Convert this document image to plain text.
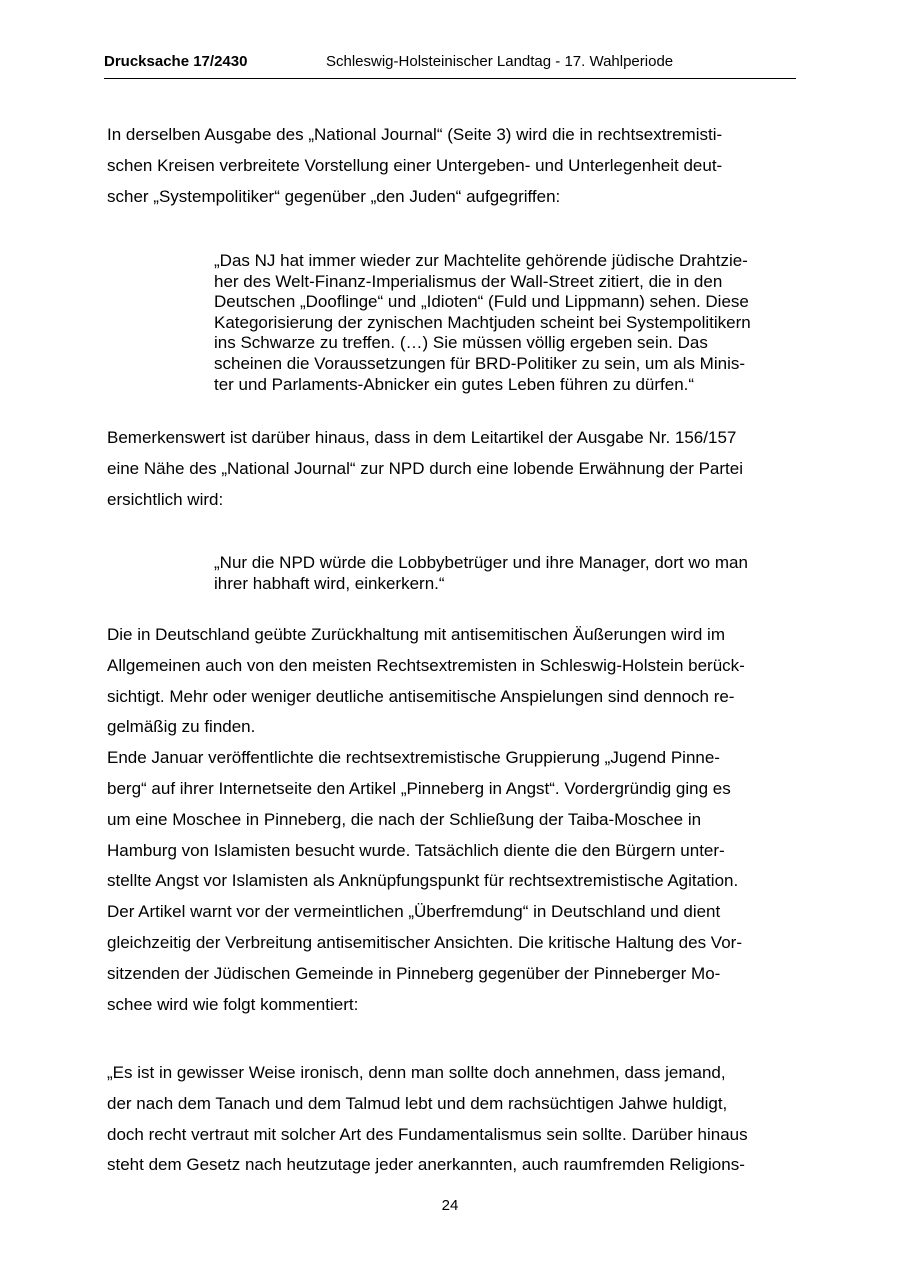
Drucksache 17/2430	Schleswig-Holsteinischer Landtag - 17. Wahlperiode
In derselben Ausgabe des „National Journal“ (Seite 3) wird die in rechtsextremisti-
schen Kreisen verbreitete Vorstellung einer Untergeben- und Unterlegenheit deut-
scher „Systempolitiker“ gegenüber „den Juden“ aufgegriffen:
„Das NJ hat immer wieder zur Machtelite gehörende jüdische Drahtzie-
her des Welt-Finanz-Imperialismus der Wall-Street zitiert, die in den
Deutschen „Dooflinge“ und „Idioten“ (Fuld und Lippmann) sehen. Diese
Kategorisierung der zynischen Machtjuden scheint bei Systempolitikern
ins Schwarze zu treffen. (…) Sie müssen völlig ergeben sein. Das
scheinen die Voraussetzungen für BRD-Politiker zu sein, um als Minis-
ter und Parlaments-Abnicker ein gutes Leben führen zu dürfen.“
Bemerkenswert ist darüber hinaus, dass in dem Leitartikel der Ausgabe Nr. 156/157
eine Nähe des „National Journal“ zur NPD durch eine lobende Erwähnung der Partei
ersichtlich wird:
„Nur die NPD würde die Lobbybetrüger und ihre Manager, dort wo man
ihrer habhaft wird, einkerkern.“
Die in Deutschland geübte Zurückhaltung mit antisemitischen Äußerungen wird im
Allgemeinen auch von den meisten Rechtsextremisten in Schleswig-Holstein berück-
sichtigt. Mehr oder weniger deutliche antisemitische Anspielungen sind dennoch re-
gelmäßig zu finden.
Ende Januar veröffentlichte die rechtsextremistische Gruppierung „Jugend Pinne-
berg“ auf ihrer Internetseite den Artikel „Pinneberg in Angst“. Vordergründig ging es
um eine Moschee in Pinneberg, die nach der Schließung der Taiba-Moschee in
Hamburg von Islamisten besucht wurde. Tatsächlich diente die den Bürgern unter-
stellte Angst vor Islamisten als Anknüpfungspunkt für rechtsextremistische Agitation.
Der Artikel warnt vor der vermeintlichen „Überfremdung“ in Deutschland und dient
gleichzeitig der Verbreitung antisemitischer Ansichten. Die kritische Haltung des Vor-
sitzenden der Jüdischen Gemeinde in Pinneberg gegenüber der Pinneberger Mo-
schee wird wie folgt kommentiert:
„Es ist in gewisser Weise ironisch, denn man sollte doch annehmen, dass jemand,
der nach dem Tanach und dem Talmud lebt und dem rachsüchtigen Jahwe huldigt,
doch recht vertraut mit solcher Art des Fundamentalismus sein sollte. Darüber hinaus
steht dem Gesetz nach heutzutage jeder anerkannten, auch raumfremden Religions-
24
